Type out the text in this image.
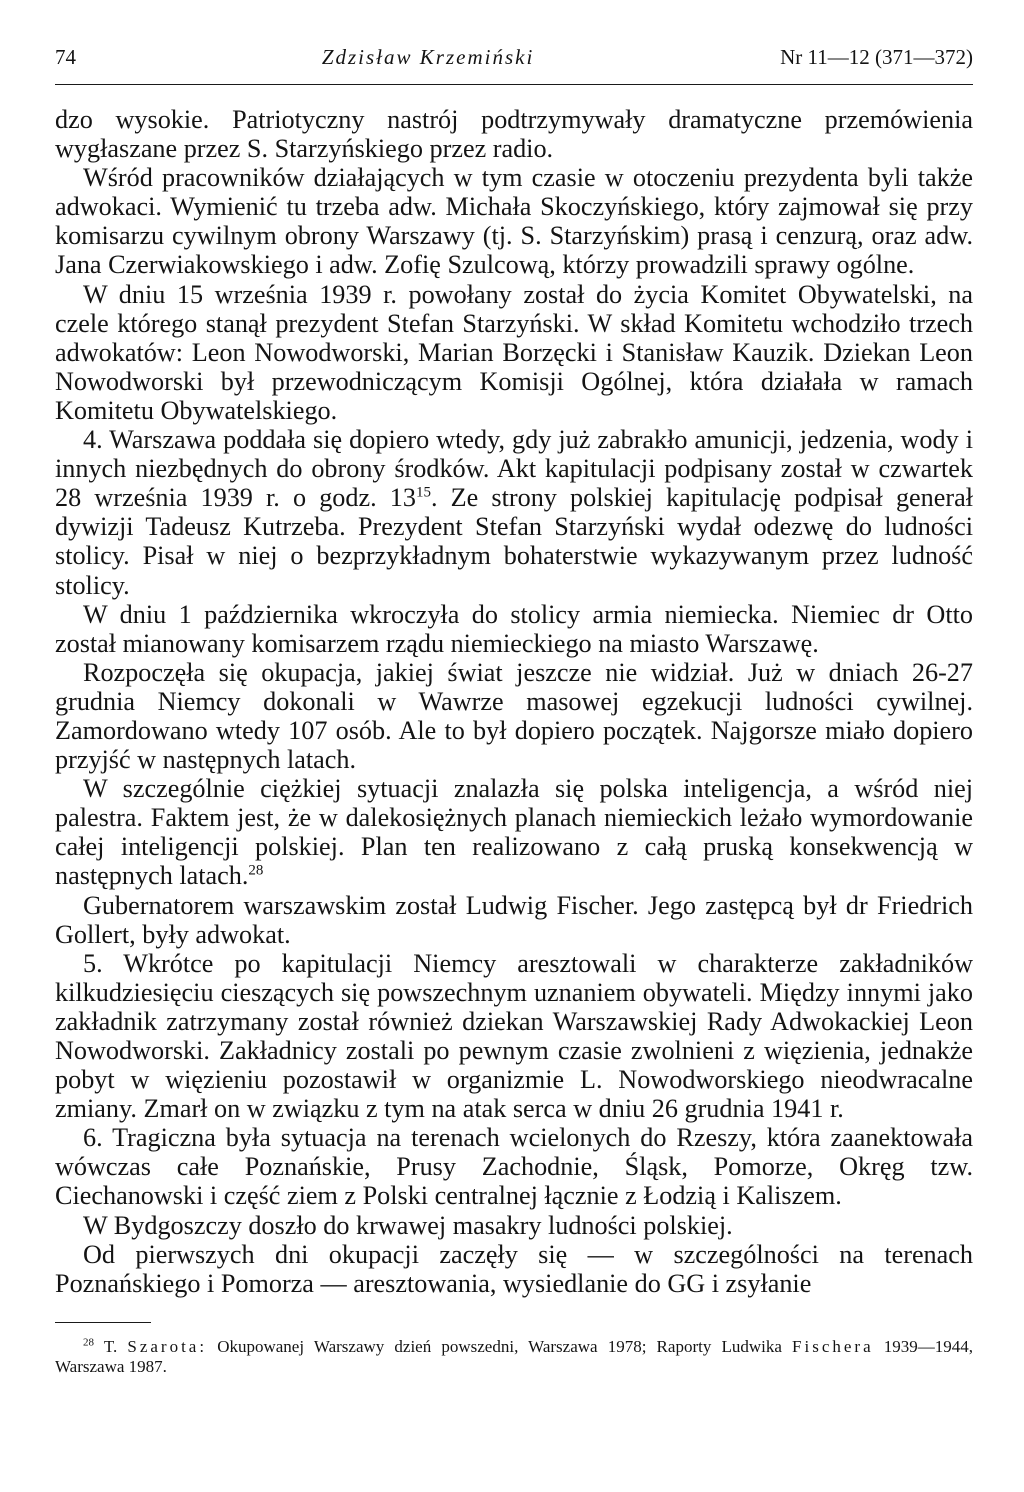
74	Zdzisław Krzemiński	Nr 11—12 (371—372)

dzo wysokie. Patriotyczny nastrój podtrzymywały dramatyczne przemówienia wygłaszane przez S. Starzyńskiego przez radio.

Wśród pracowników działających w tym czasie w otoczeniu prezydenta byli także adwokaci. Wymienić tu trzeba adw. Michała Skoczyńskiego, który zajmował się przy komisarzu cywilnym obrony Warszawy (tj. S. Starzyńskim) prasą i cenzurą, oraz adw. Jana Czerwiakowskiego i adw. Zofię Szulcową, którzy prowadzili sprawy ogólne.

W dniu 15 września 1939 r. powołany został do życia Komitet Obywatelski, na czele którego stanął prezydent Stefan Starzyński. W skład Komitetu wchodziło trzech adwokatów: Leon Nowodworski, Marian Borzęcki i Stanisław Kauzik. Dziekan Leon Nowodworski był przewodniczącym Komisji Ogólnej, która działała w ramach Komitetu Obywatelskiego.

4. Warszawa poddała się dopiero wtedy, gdy już zabrakło amunicji, jedzenia, wody i innych niezbędnych do obrony środków. Akt kapitulacji podpisany został w czwartek 28 września 1939 r. o godz. $13^{15}$. Ze strony polskiej kapitulację podpisał generał dywizji Tadeusz Kutrzeba. Prezydent Stefan Starzyński wydał odezwę do ludności stolicy. Pisał w niej o bezprzykładnym bohaterstwie wykazywanym przez ludność stolicy.

W dniu 1 października wkroczyła do stolicy armia niemiecka. Niemiec dr Otto został mianowany komisarzem rządu niemieckiego na miasto Warszawę.

Rozpoczęła się okupacja, jakiej świat jeszcze nie widział. Już w dniach 26-27 grudnia Niemcy dokonali w Wawrze masowej egzekucji ludności cywilnej. Zamordowano wtedy 107 osób. Ale to był dopiero początek. Najgorsze miało dopiero przyjść w następnych latach.

W szczególnie ciężkiej sytuacji znalazła się polska inteligencja, a wśród niej palestra. Faktem jest, że w dalekosiężnych planach niemieckich leżało wymordowanie całej inteligencji polskiej. Plan ten realizowano z całą pruską konsekwencją w następnych latach.$^{28}$

Gubernatorem warszawskim został Ludwig Fischer. Jego zastępcą był dr Friedrich Gollert, były adwokat.

5. Wkrótce po kapitulacji Niemcy aresztowali w charakterze zakładników kilkudziesięciu cieszących się powszechnym uznaniem obywateli. Między innymi jako zakładnik zatrzymany został również dziekan Warszawskiej Rady Adwokackiej Leon Nowodworski. Zakładnicy zostali po pewnym czasie zwolnieni z więzienia, jednakże pobyt w więzieniu pozostawił w organizmie L. Nowodworskiego nieodwracalne zmiany. Zmarł on w związku z tym na atak serca w dniu 26 grudnia 1941 r.

6. Tragiczna była sytuacja na terenach wcielonych do Rzeszy, która zaanektowała wówczas całe Poznańskie, Prusy Zachodnie, Śląsk, Pomorze, Okręg tzw. Ciechanowski i część ziem z Polski centralnej łącznie z Łodzią i Kaliszem.

W Bydgoszczy doszło do krwawej masakry ludności polskiej.

Od pierwszych dni okupacji zaczęły się — w szczególności na terenach Poznańskiego i Pomorza — aresztowania, wysiedlanie do GG i zsyłanie

$^{28}$ T. Szarota: Okupowanej Warszawy dzień powszedni, Warszawa 1978; Raporty Ludwika Fischera 1939—1944, Warszawa 1987.
